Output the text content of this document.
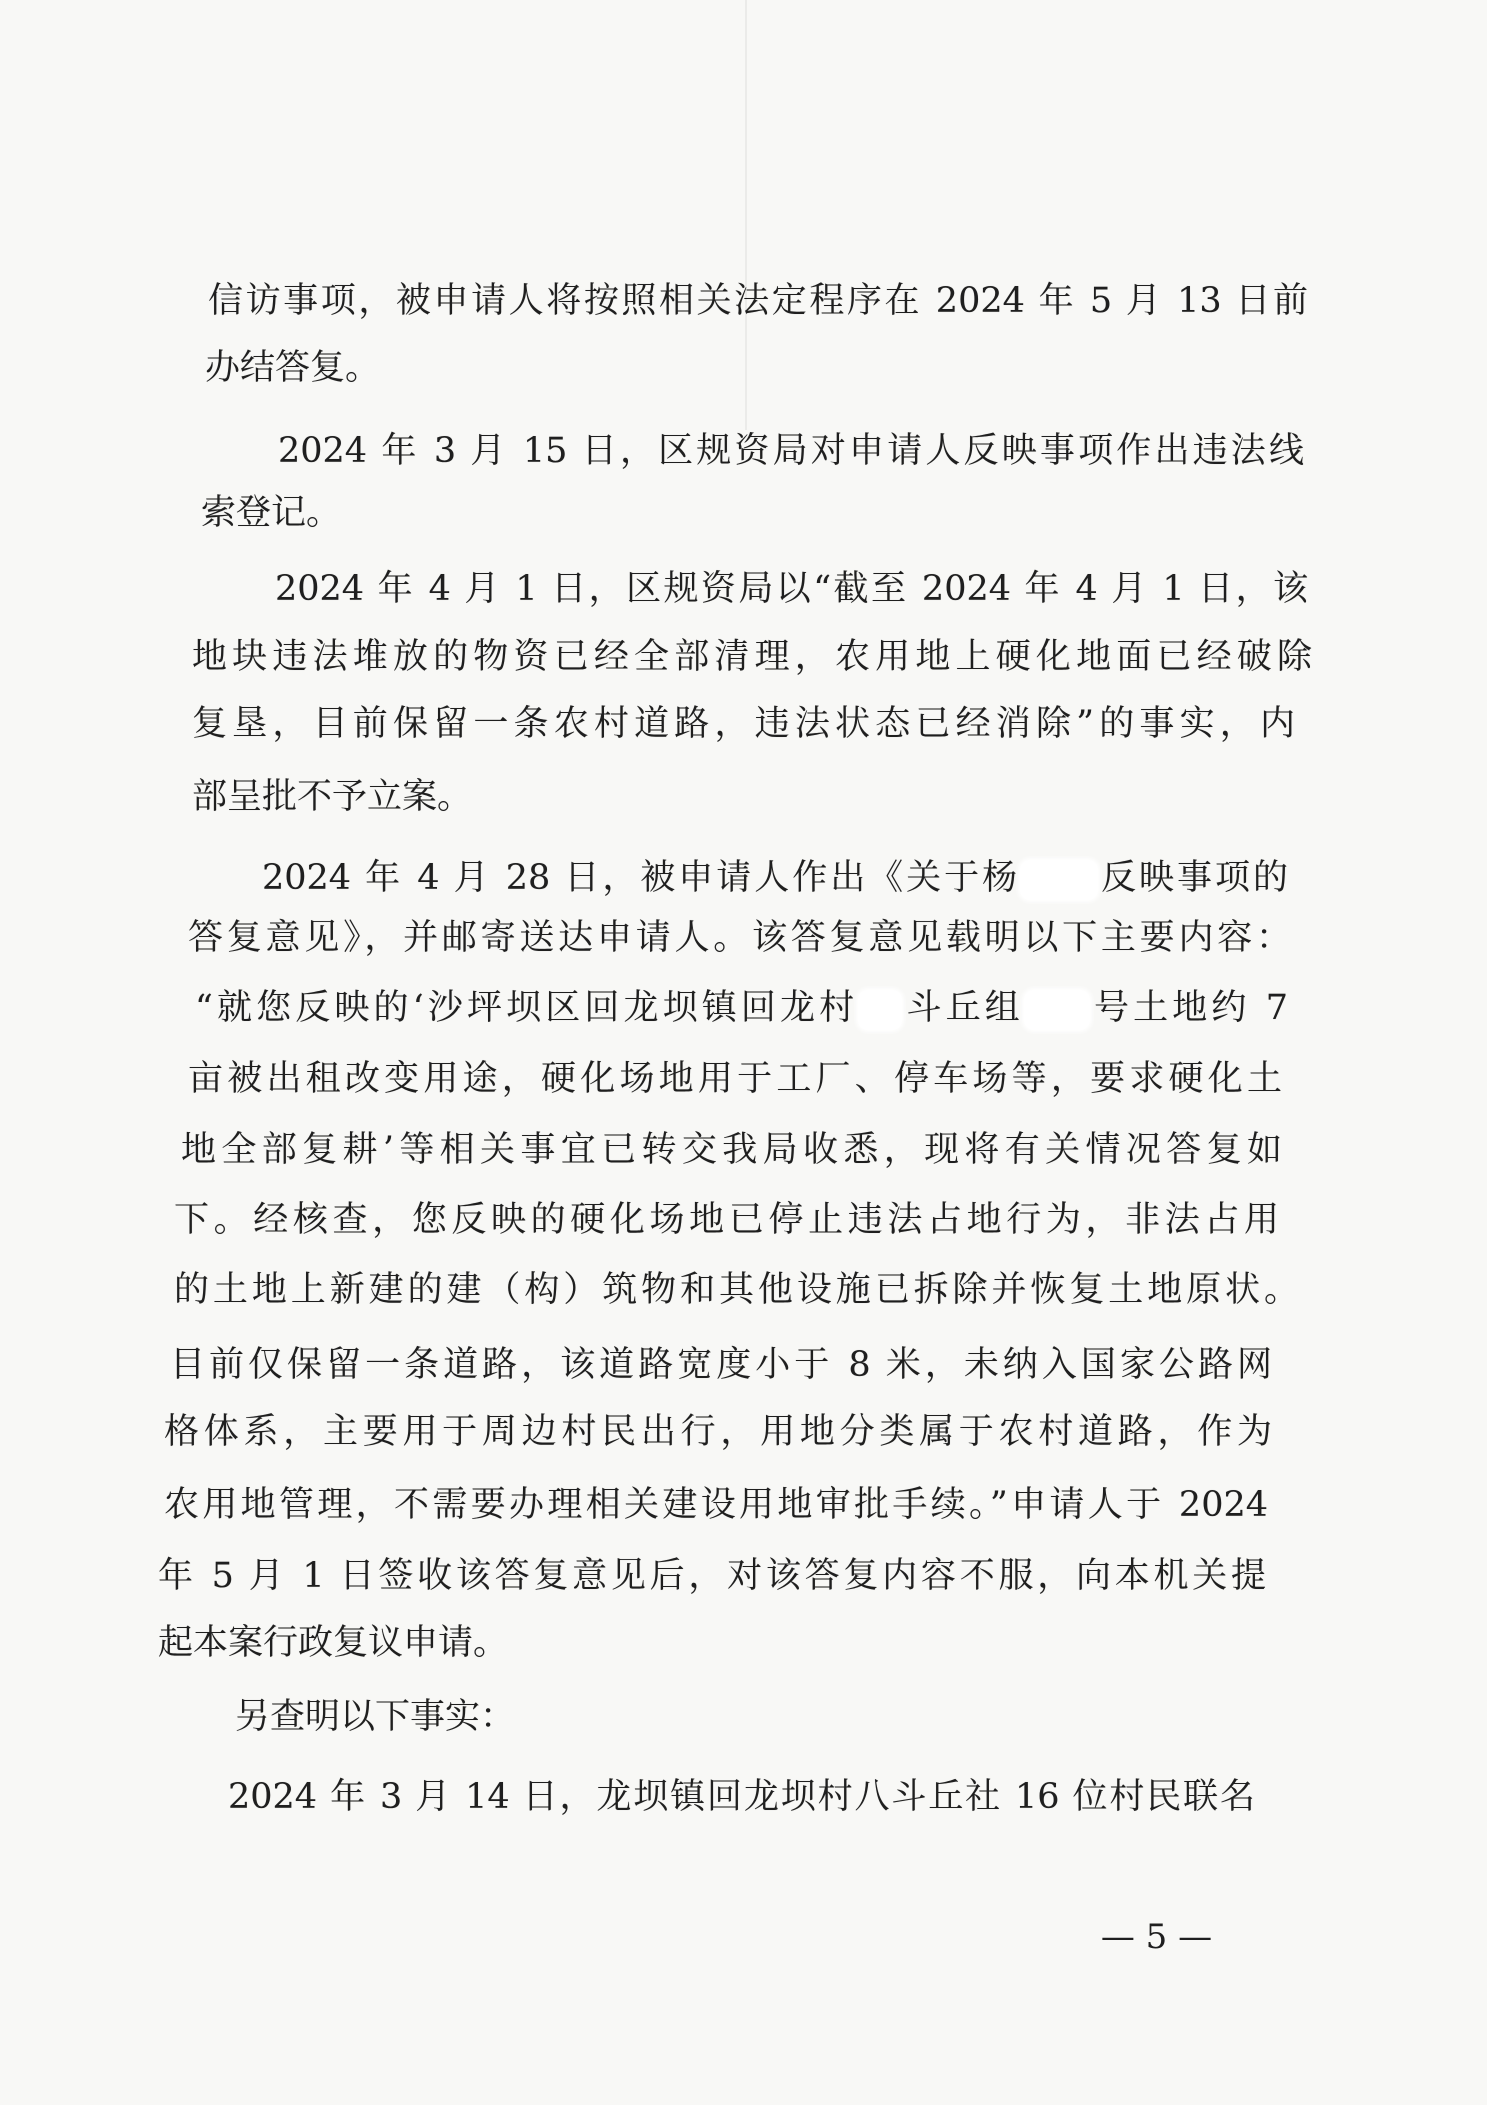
信访事项，被申请人将按照相关法定程序在 2024 年 5 月 13 日前
办结答复。
2024 年 3 月 15 日，区规资局对申请人反映事项作出违法线
索登记。
2024 年 4 月 1 日，区规资局以“截至 2024 年 4 月 1 日，该
地块违法堆放的物资已经全部清理，农用地上硬化地面已经破除
复垦，目前保留一条农村道路，违法状态已经消除”的事实，内
部呈批不予立案。
2024 年 4 月 28 日，被申请人作出《关于杨 反映事项的
答复意见》，并邮寄送达申请人。该答复意见载明以下主要内容：
“就您反映的‘沙坪坝区回龙坝镇回龙村 斗丘组 号土地约 7
亩被出租改变用途，硬化场地用于工厂、停车场等，要求硬化土
地全部复耕’等相关事宜已转交我局收悉，现将有关情况答复如
下。经核查，您反映的硬化场地已停止违法占地行为，非法占用
的土地上新建的建（构）筑物和其他设施已拆除并恢复土地原状。
目前仅保留一条道路，该道路宽度小于 8 米，未纳入国家公路网
格体系，主要用于周边村民出行，用地分类属于农村道路，作为
农用地管理，不需要办理相关建设用地审批手续。”申请人于 2024
年 5 月 1 日签收该答复意见后，对该答复内容不服，向本机关提
起本案行政复议申请。
另查明以下事实：
2024 年 3 月 14 日，龙坝镇回龙坝村八斗丘社 16 位村民联名
— 5 —
